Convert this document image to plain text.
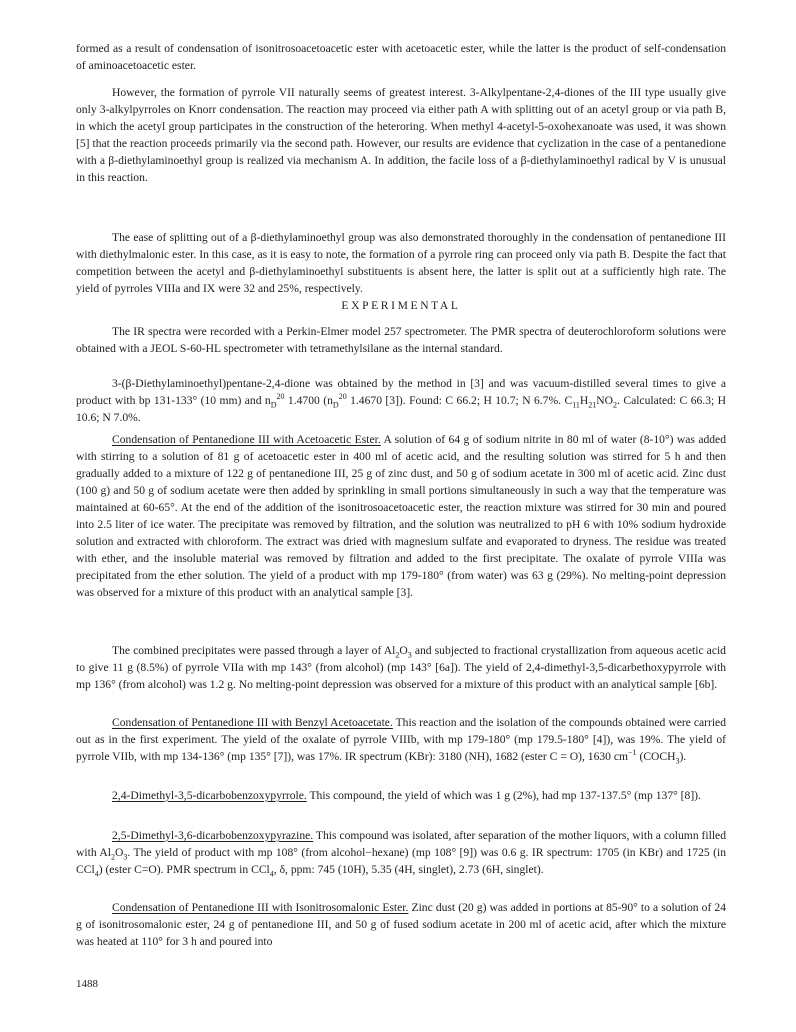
formed as a result of condensation of isonitrosoacetoacetic ester with acetoacetic ester, while the latter is the product of self-condensation of aminoacetoacetic ester.

However, the formation of pyrrole VII naturally seems of greatest interest. 3-Alkylpentane-2,4-diones of the III type usually give only 3-alkylpyrroles on Knorr condensation. The reaction may proceed via either path A with splitting out of an acetyl group or via path B, in which the acetyl group participates in the construction of the heteroring. When methyl 4-acetyl-5-oxohexanoate was used, it was shown [5] that the reaction proceeds primarily via the second path. However, our results are evidence that cyclization in the case of a pentanedione with a β-diethylaminoethyl group is realized via mechanism A. In addition, the facile loss of a β-diethylaminoethyl radical by V is unusual in this reaction.

The ease of splitting out of a β-diethylaminoethyl group was also demonstrated thoroughly in the condensation of pentanedione III with diethylmalonic ester. In this case, as it is easy to note, the formation of a pyrrole ring can proceed only via path B. Despite the fact that competition between the acetyl and β-diethylaminoethyl substituents is absent here, the latter is split out at a sufficiently high rate. The yield of pyrroles VIIIa and IX were 32 and 25%, respectively.

EXPERIMENTAL

The IR spectra were recorded with a Perkin-Elmer model 257 spectrometer. The PMR spectra of deuterochloroform solutions were obtained with a JEOL S-60-HL spectrometer with tetramethylsilane as the internal standard.

3-(β-Diethylaminoethyl)pentane-2,4-dione was obtained by the method in [3] and was vacuum-distilled several times to give a product with bp 131-133° (10 mm) and $n_D^{20}$ 1.4700 ($n_D^{20}$ 1.4670 [3]). Found: C 66.2; H 10.7; N 6.7%. $C_{11}H_{21}NO_2$. Calculated: C 66.3; H 10.6; N 7.0%.

Condensation of Pentanedione III with Acetoacetic Ester. A solution of 64 g of sodium nitrite in 80 ml of water (8-10°) was added with stirring to a solution of 81 g of acetoacetic ester in 400 ml of acetic acid, and the resulting solution was stirred for 5 h and then gradually added to a mixture of 122 g of pentanedione III, 25 g of zinc dust, and 50 g of sodium acetate in 300 ml of acetic acid. Zinc dust (100 g) and 50 g of sodium acetate were then added by sprinkling in small portions simultaneously in such a way that the temperature was maintained at 60-65°. At the end of the addition of the isonitrosoacetoacetic ester, the reaction mixture was stirred for 30 min and poured into 2.5 liter of ice water. The precipitate was removed by filtration, and the solution was neutralized to pH 6 with 10% sodium hydroxide solution and extracted with chloroform. The extract was dried with magnesium sulfate and evaporated to dryness. The residue was treated with ether, and the insoluble material was removed by filtration and added to the first precipitate. The oxalate of pyrrole VIIIa was precipitated from the ether solution. The yield of a product with mp 179-180° (from water) was 63 g (29%). No melting-point depression was observed for a mixture of this product with an analytical sample [3].

The combined precipitates were passed through a layer of $Al_2O_3$ and subjected to fractional crystallization from aqueous acetic acid to give 11 g (8.5%) of pyrrole VIIa with mp 143° (from alcohol) (mp 143° [6a]). The yield of 2,4-dimethyl-3,5-dicarbethoxypyrrole with mp 136° (from alcohol) was 1.2 g. No melting-point depression was observed for a mixture of this product with an analytical sample [6b].

Condensation of Pentanedione III with Benzyl Acetoacetate. This reaction and the isolation of the compounds obtained were carried out as in the first experiment. The yield of the oxalate of pyrrole VIIIb, with mp 179-180° (mp 179.5-180° [4]), was 19%. The yield of pyrrole VIIb, with mp 134-136° (mp 135° [7]), was 17%. IR spectrum (KBr): 3180 (NH), 1682 (ester C = O), 1630 $cm^{-1}$ $(COCH_3)$.

2,4-Dimethyl-3,5-dicarbobenzoxypyrrole. This compound, the yield of which was 1 g (2%), had mp 137-137.5° (mp 137° [8]).

2,5-Dimethyl-3,6-dicarbobenzoxypyrazine. This compound was isolated, after separation of the mother liquors, with a column filled with $Al_2O_3$. The yield of product with mp 108° (from alcohol−hexane) (mp 108° [9]) was 0.6 g. IR spectrum: 1705 (in KBr) and 1725 (in CCl$_4$) (ester C=O). PMR spectrum in CCl$_4$, δ, ppm: 745 (10H), 5.35 (4H, singlet), 2.73 (6H, singlet).

Condensation of Pentanedione III with Isonitrosomalonic Ester. Zinc dust (20 g) was added in portions at 85-90° to a solution of 24 g of isonitrosomalonic ester, 24 g of pentanedione III, and 50 g of fused sodium acetate in 200 ml of acetic acid, after which the mixture was heated at 110° for 3 h and poured into

1488
